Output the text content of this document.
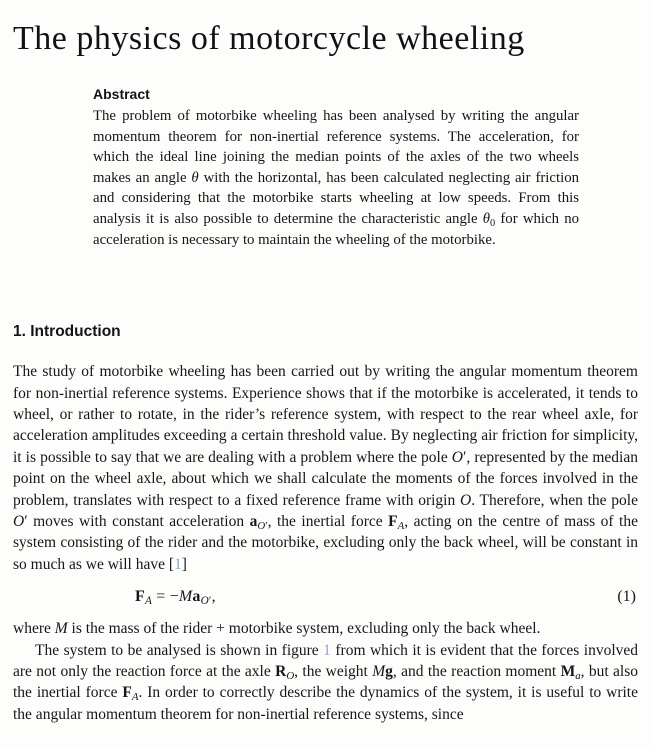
The physics of motorcycle wheeling

Abstract

The problem of motorbike wheeling has been analysed by writing the angular momentum theorem for non-inertial reference systems. The acceleration, for which the ideal line joining the median points of the axles of the two wheels makes an angle θ with the horizontal, has been calculated neglecting air friction and considering that the motorbike starts wheeling at low speeds. From this analysis it is also possible to determine the characteristic angle $\theta_0$ for which no acceleration is necessary to maintain the wheeling of the motorbike.

1. Introduction

The study of motorbike wheeling has been carried out by writing the angular momentum theorem for non-inertial reference systems. Experience shows that if the motorbike is accelerated, it tends to wheel, or rather to rotate, in the rider’s reference system, with respect to the rear wheel axle, for acceleration amplitudes exceeding a certain threshold value. By neglecting air friction for simplicity, it is possible to say that we are dealing with a problem where the pole O′, represented by the median point on the wheel axle, about which we shall calculate the moments of the forces involved in the problem, translates with respect to a fixed reference frame with origin O. Therefore, when the pole O′ moves with constant acceleration $a_{O'}$, the inertial force $F_A$, acting on the centre of mass of the system consisting of the rider and the motorbike, excluding only the back wheel, will be constant in so much as we will have [1]

$F_A = -Ma_{O'}$,	(1)

where M is the mass of the rider + motorbike system, excluding only the back wheel.

The system to be analysed is shown in figure 1 from which it is evident that the forces involved are not only the reaction force at the axle $R_O$, the weight Mg, and the reaction moment $M_a$, but also the inertial force $F_A$. In order to correctly describe the dynamics of the system, it is useful to write the angular momentum theorem for non-inertial reference systems, since
